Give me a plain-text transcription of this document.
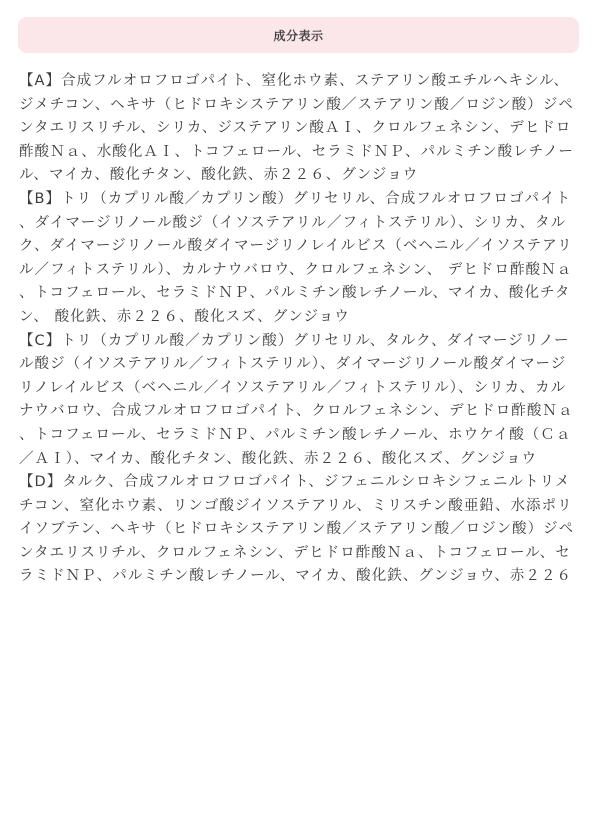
成分表示

【A】合成フルオロフロゴパイト、窒化ホウ素、ステアリン酸エチルヘキシル、ジメチコン、ヘキサ（ヒドロキシステアリン酸／ステアリン酸／ロジン酸）ジペンタエリスリチル、シリカ、ジステアリン酸ＡＩ、クロルフェネシン、デヒドロ酢酸Ｎａ、水酸化ＡＩ、トコフェロール、セラミドＮＰ、パルミチン酸レチノール、マイカ、酸化チタン、酸化鉄、赤２２６、グンジョウ

【B】トリ（カプリル酸／カプリン酸）グリセリル、合成フルオロフロゴパイト、ダイマージリノール酸ジ（イソステアリル／フィトステリル）、シリカ、タルク、ダイマージリノール酸ダイマージリノレイルビス（ベヘニル／イソステアリル／フィトステリル）、カルナウバロウ、クロルフェネシン、 デヒドロ酢酸Ｎａ、トコフェロール、セラミドＮＰ、パルミチン酸レチノール、マイカ、酸化チタン、 酸化鉄、赤２２６、酸化スズ、グンジョウ

【C】トリ（カプリル酸／カプリン酸）グリセリル、タルク、ダイマージリノール酸ジ（イソステアリル／フィトステリル）、ダイマージリノール酸ダイマージリノレイルビス（ベヘニル／イソステアリル／フィトステリル）、シリカ、カルナウバロウ、合成フルオロフロゴパイト、クロルフェネシン、デヒドロ酢酸Ｎａ、トコフェロール、セラミドＮＰ、パルミチン酸レチノール、ホウケイ酸（Ｃａ／ＡＩ）、マイカ、酸化チタン、酸化鉄、赤２２６、酸化スズ、グンジョウ

【D】タルク、合成フルオロフロゴパイト、ジフェニルシロキシフェニルトリメチコン、窒化ホウ素、リンゴ酸ジイソステアリル、ミリスチン酸亜鉛、水添ポリイソブテン、ヘキサ（ヒドロキシステアリン酸／ステアリン酸／ロジン酸）ジペンタエリスリチル、クロルフェネシン、デヒドロ酢酸Ｎａ、トコフェロール、セラミドＮＰ、パルミチン酸レチノール、マイカ、酸化鉄、グンジョウ、赤２２６
